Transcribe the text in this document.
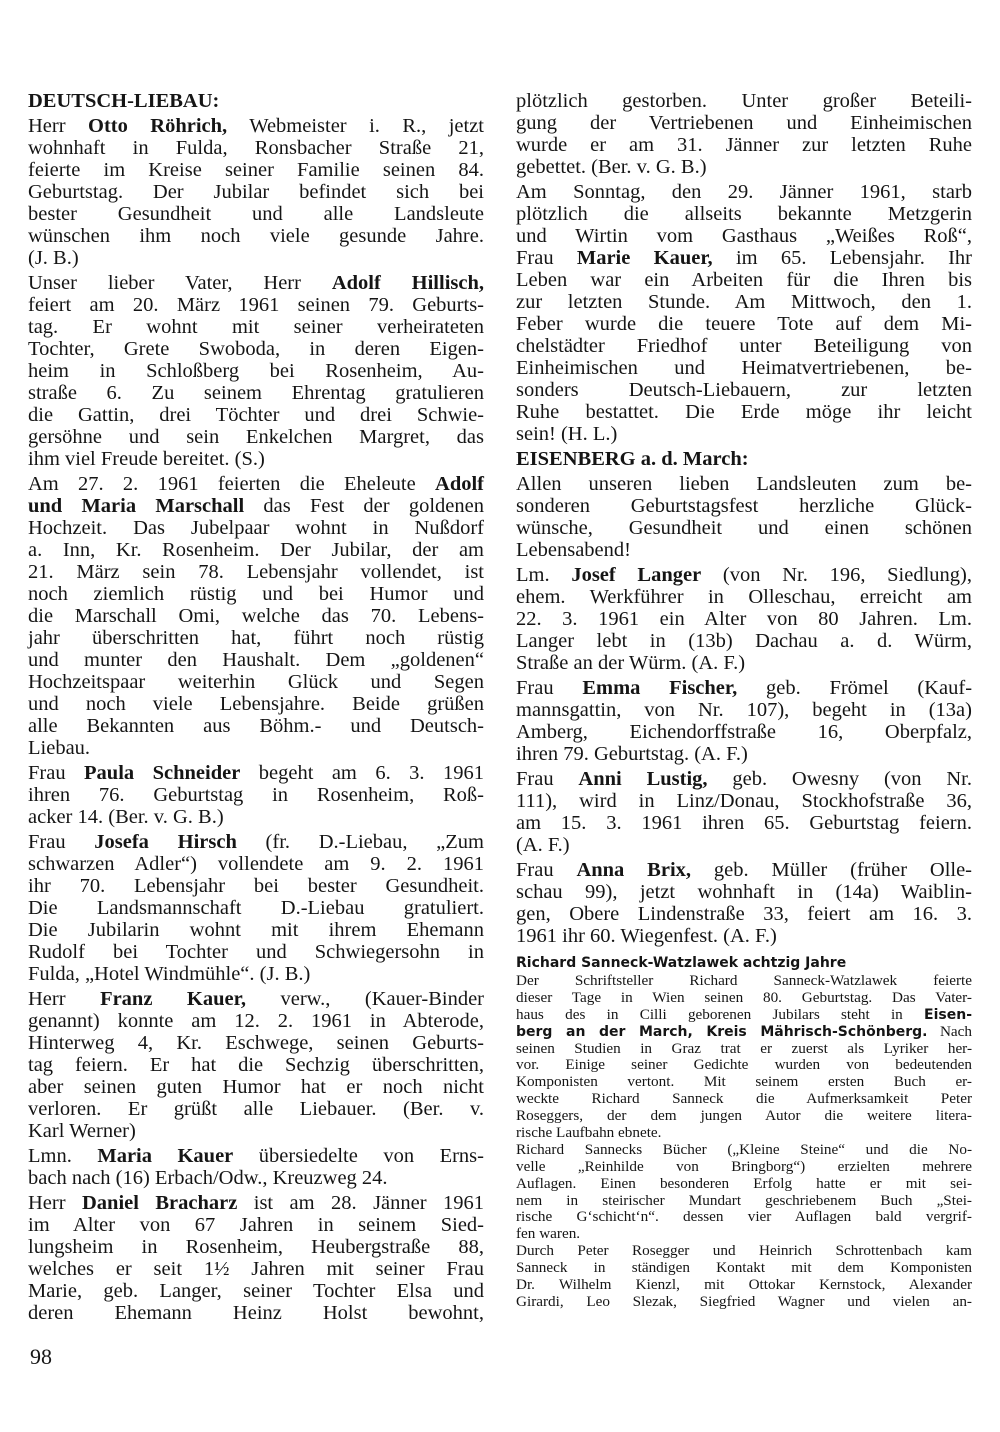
DEUTSCH-LIEBAU:
Herr Otto Röhrich, Webmeister i. R., jetzt
wohnhaft in Fulda, Ronsbacher Straße 21,
feierte im Kreise seiner Familie seinen 84.
Geburtstag. Der Jubilar befindet sich bei
bester Gesundheit und alle Landsleute
wünschen ihm noch viele gesunde Jahre.
(J. B.)
Unser lieber Vater, Herr Adolf Hillisch,
feiert am 20. März 1961 seinen 79. Geburts-
tag. Er wohnt mit seiner verheirateten
Tochter, Grete Swoboda, in deren Eigen-
heim in Schloßberg bei Rosenheim, Au-
straße 6. Zu seinem Ehrentag gratulieren
die Gattin, drei Töchter und drei Schwie-
gersöhne und sein Enkelchen Margret, das
ihm viel Freude bereitet. (S.)
Am 27. 2. 1961 feierten die Eheleute Adolf
und Maria Marschall das Fest der goldenen
Hochzeit. Das Jubelpaar wohnt in Nußdorf
a. Inn, Kr. Rosenheim. Der Jubilar, der am
21. März sein 78. Lebensjahr vollendet, ist
noch ziemlich rüstig und bei Humor und
die Marschall Omi, welche das 70. Lebens-
jahr überschritten hat, führt noch rüstig
und munter den Haushalt. Dem „goldenen“
Hochzeitspaar weiterhin Glück und Segen
und noch viele Lebensjahre. Beide grüßen
alle Bekannten aus Böhm.- und Deutsch-
Liebau.
Frau Paula Schneider begeht am 6. 3. 1961
ihren 76. Geburtstag in Rosenheim, Roß-
acker 14. (Ber. v. G. B.)
Frau Josefa Hirsch (fr. D.-Liebau, „Zum
schwarzen Adler“) vollendete am 9. 2. 1961
ihr 70. Lebensjahr bei bester Gesundheit.
Die Landsmannschaft D.-Liebau gratuliert.
Die Jubilarin wohnt mit ihrem Ehemann
Rudolf bei Tochter und Schwiegersohn in
Fulda, „Hotel Windmühle“. (J. B.)
Herr Franz Kauer, verw., (Kauer-Binder
genannt) konnte am 12. 2. 1961 in Abterode,
Hinterweg 4, Kr. Eschwege, seinen Geburts-
tag feiern. Er hat die Sechzig überschritten,
aber seinen guten Humor hat er noch nicht
verloren. Er grüßt alle Liebauer. (Ber. v.
Karl Werner)
Lmn. Maria Kauer übersiedelte von Erns-
bach nach (16) Erbach/Odw., Kreuzweg 24.
Herr Daniel Bracharz ist am 28. Jänner 1961
im Alter von 67 Jahren in seinem Sied-
lungsheim in Rosenheim, Heubergstraße 88,
welches er seit 1½ Jahren mit seiner Frau
Marie, geb. Langer, seiner Tochter Elsa und
deren Ehemann Heinz Holst bewohnt,
plötzlich gestorben. Unter großer Beteili-
gung der Vertriebenen und Einheimischen
wurde er am 31. Jänner zur letzten Ruhe
gebettet. (Ber. v. G. B.)
Am Sonntag, den 29. Jänner 1961, starb
plötzlich die allseits bekannte Metzgerin
und Wirtin vom Gasthaus „Weißes Roß“,
Frau Marie Kauer, im 65. Lebensjahr. Ihr
Leben war ein Arbeiten für die Ihren bis
zur letzten Stunde. Am Mittwoch, den 1.
Feber wurde die teuere Tote auf dem Mi-
chelstädter Friedhof unter Beteiligung von
Einheimischen und Heimatvertriebenen, be-
sonders Deutsch-Liebauern, zur letzten
Ruhe bestattet. Die Erde möge ihr leicht
sein! (H. L.)
EISENBERG a. d. March:
Allen unseren lieben Landsleuten zum be-
sonderen Geburtstagsfest herzliche Glück-
wünsche, Gesundheit und einen schönen
Lebensabend!
Lm. Josef Langer (von Nr. 196, Siedlung),
ehem. Werkführer in Olleschau, erreicht am
22. 3. 1961 ein Alter von 80 Jahren. Lm.
Langer lebt in (13b) Dachau a. d. Würm,
Straße an der Würm. (A. F.)
Frau Emma Fischer, geb. Frömel (Kauf-
mannsgattin, von Nr. 107), begeht in (13a)
Amberg, Eichendorffstraße 16, Oberpfalz,
ihren 79. Geburtstag. (A. F.)
Frau Anni Lustig, geb. Owesny (von Nr.
111), wird in Linz/Donau, Stockhofstraße 36,
am 15. 3. 1961 ihren 65. Geburtstag feiern.
(A. F.)
Frau Anna Brix, geb. Müller (früher Olle-
schau 99), jetzt wohnhaft in (14a) Waiblin-
gen, Obere Lindenstraße 33, feiert am 16. 3.
1961 ihr 60. Wiegenfest. (A. F.)
Richard Sanneck-Watzlawek achtzig Jahre
Der Schriftsteller Richard Sanneck-Watzlawek feierte
dieser Tage in Wien seinen 80. Geburtstag. Das Vater-
haus des in Cilli geborenen Jubilars steht in Eisen-
berg an der March, Kreis Mährisch-Schönberg. Nach
seinen Studien in Graz trat er zuerst als Lyriker her-
vor. Einige seiner Gedichte wurden von bedeutenden
Komponisten vertont. Mit seinem ersten Buch er-
weckte Richard Sanneck die Aufmerksamkeit Peter
Roseggers, der dem jungen Autor die weitere litera-
rische Laufbahn ebnete.
Richard Sannecks Bücher („Kleine Steine“ und die No-
velle „Reinhilde von Bringborg“) erzielten mehrere
Auflagen. Einen besonderen Erfolg hatte er mit sei-
nem in steirischer Mundart geschriebenem Buch „Stei-
rische G‘schicht‘n“. dessen vier Auflagen bald vergrif-
fen waren.
Durch Peter Rosegger und Heinrich Schrottenbach kam
Sanneck in ständigen Kontakt mit dem Komponisten
Dr. Wilhelm Kienzl, mit Ottokar Kernstock, Alexander
Girardi, Leo Slezak, Siegfried Wagner und vielen an-
98
